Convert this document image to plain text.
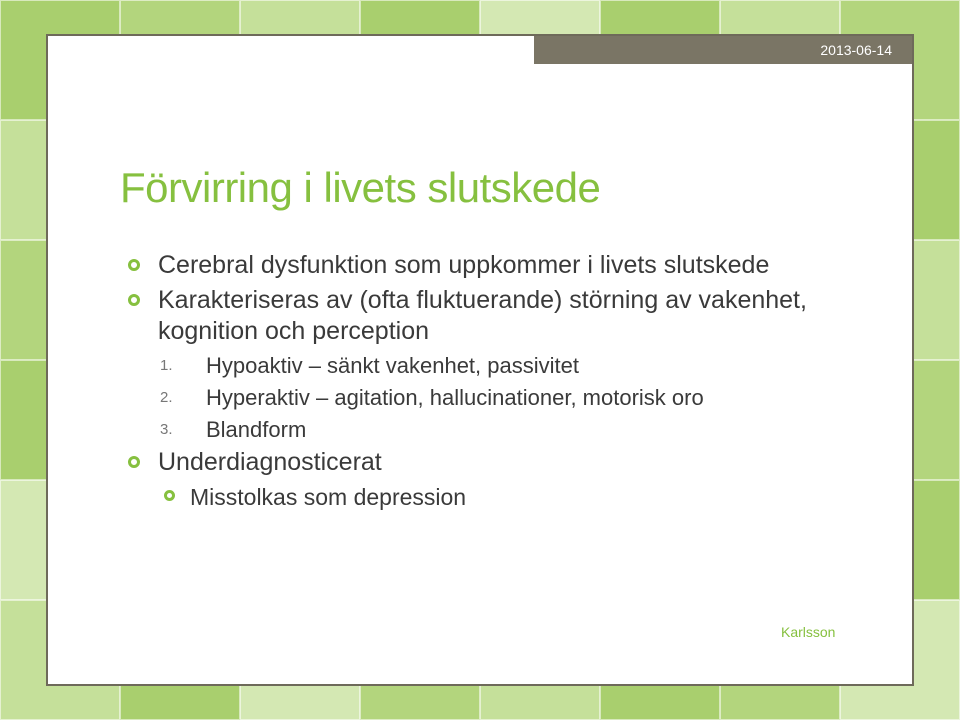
2013-06-14
Förvirring i livets slutskede
Cerebral dysfunktion som uppkommer i livets slutskede
Karakteriseras av (ofta fluktuerande) störning av vakenhet, kognition och perception
1. Hypoaktiv – sänkt vakenhet, passivitet
2. Hyperaktiv – agitation, hallucinationer, motorisk oro
3. Blandform
Underdiagnosticerat
Misstolkas som depression
Karlsson
